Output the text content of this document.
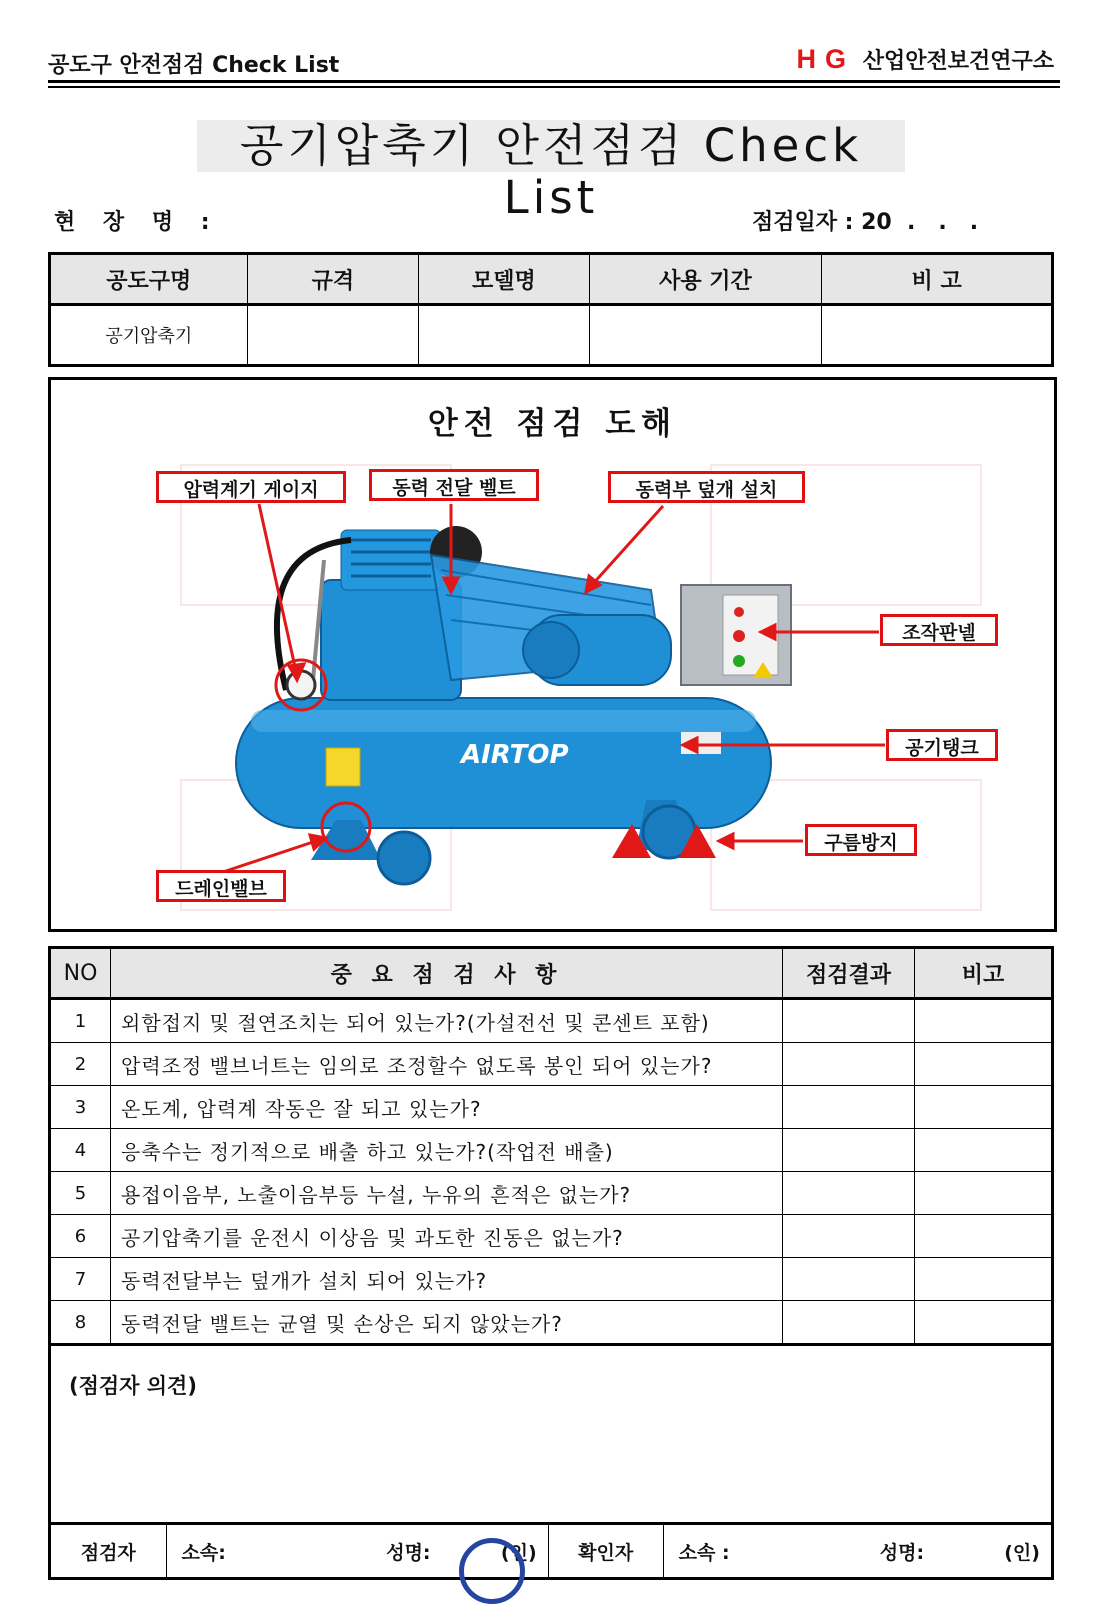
공도구 안전점검 Check List	H G 산업안전보건연구소
공기압축기 안전점검 Check List
현 장 명 :	점검일자 : 20  .   .   .
공도구명	규격	모델명	사용 기간	비 고
공기압축기				
안전 점검 도해
AIRTOP
압력계기 게이지	동력 전달 벨트	동력부 덮개 설치
조작판넬
공기탱크
구름방지
드레인밸브
NO	중 요 점 검 사 항	점검결과	비고
1	외함접지 및 절연조치는 되어 있는가?(가설전선 및 콘센트 포함)		
2	압력조정 밸브너트는 임의로 조정할수 없도록 봉인 되어 있는가?		
3	온도계, 압력계 작동은 잘 되고 있는가?		
4	응축수는 정기적으로 배출 하고 있는가?(작업전 배출)		
5	용접이음부, 노출이음부등 누설, 누유의 흔적은 없는가?		
6	공기압축기를 운전시 이상음 및 과도한 진동은 없는가?		
7	동력전달부는 덮개가 설치 되어 있는가?		
8	동력전달 밸트는 균열 및 손상은 되지 않았는가?		
(점검자 의견)

점검자	소속:	성명:	(인)	확인자	소속 :	성명:	(인)
